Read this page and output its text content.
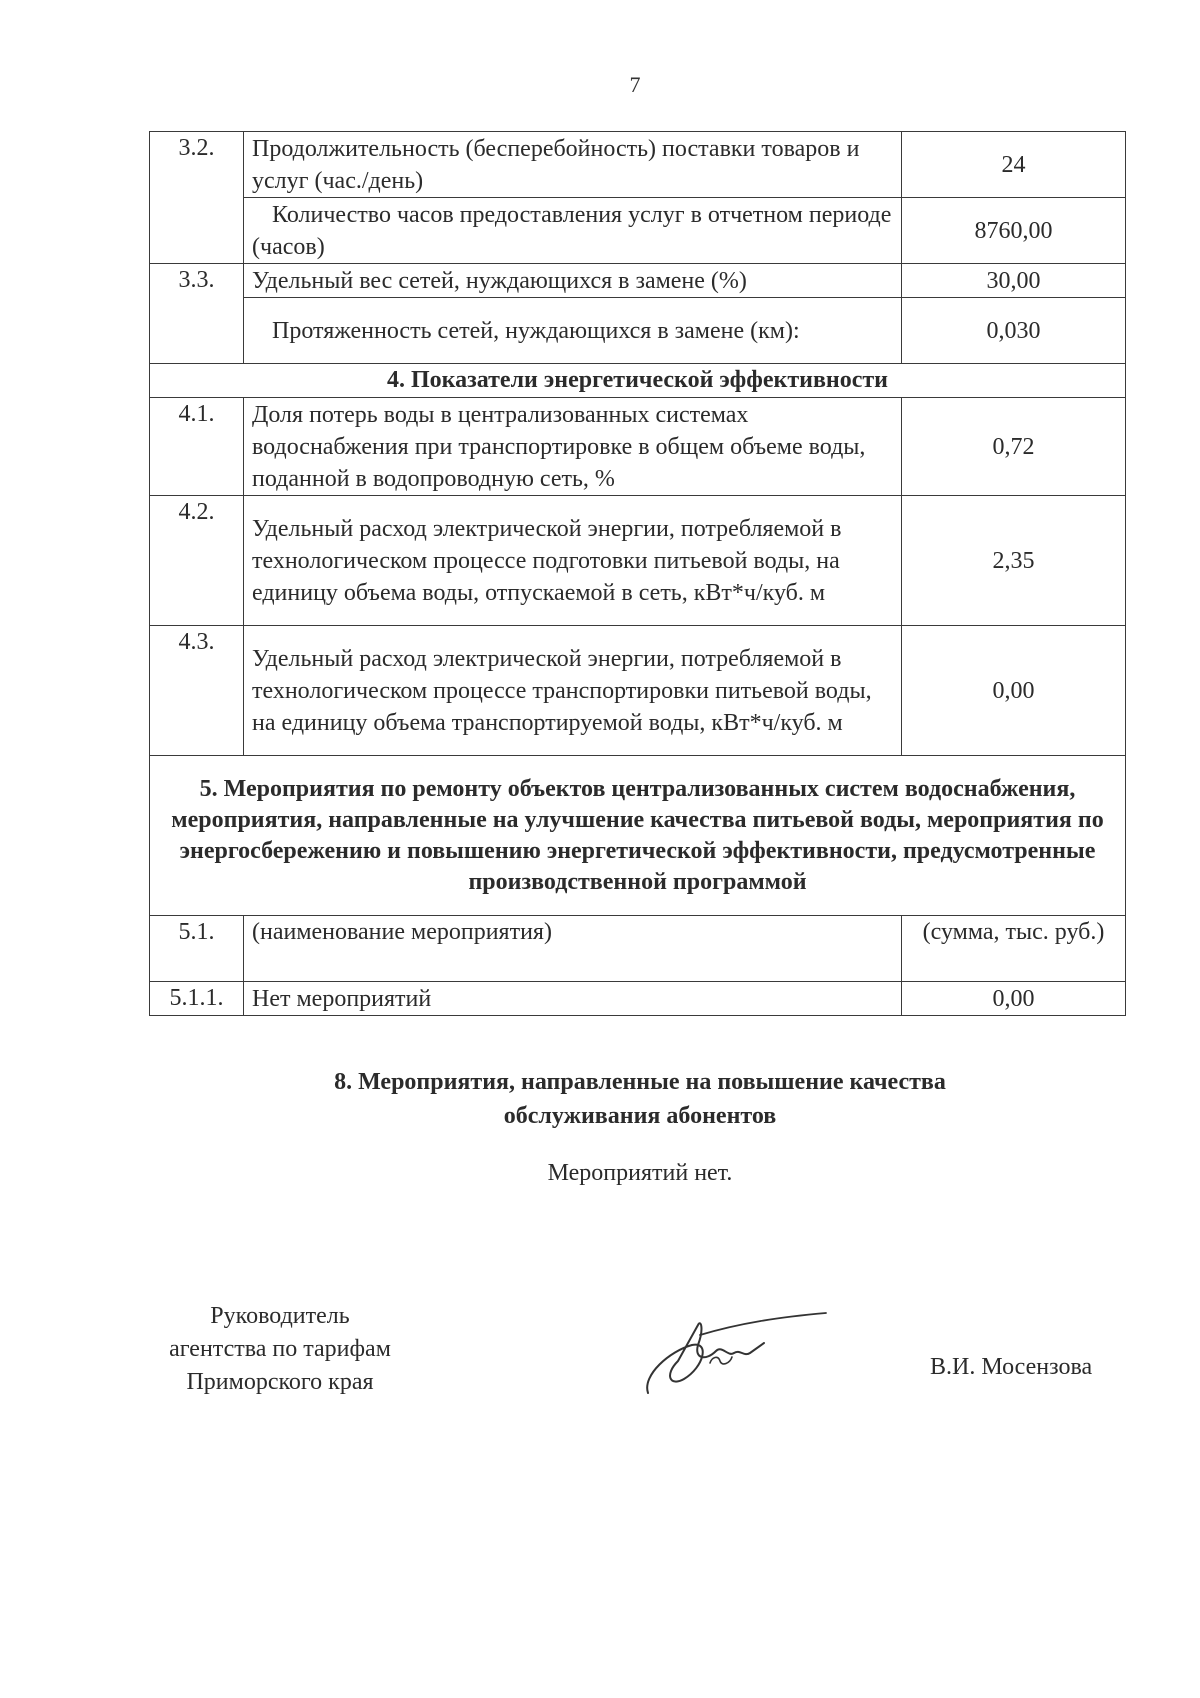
7
3.2.	Продолжительность (бесперебойность) поставки товаров и услуг (час./день)	24
	Количество часов предоставления услуг в отчетном периоде (часов)	8760,00
3.3.	Удельный вес сетей, нуждающихся в замене (%)	30,00
	Протяженность сетей, нуждающихся в замене (км):	0,030
4. Показатели энергетической эффективности		
4.1.	Доля потерь воды в централизованных системах водоснабжения при транспортировке в общем объеме воды, поданной в водопроводную сеть, %	0,72
4.2.	Удельный расход электрической энергии, потребляемой в технологическом процессе подготовки питьевой воды, на единицу объема воды, отпускаемой в сеть, кВт*ч/куб. м	2,35
4.3.	Удельный расход электрической энергии, потребляемой в технологическом процессе транспортировки питьевой воды, на единицу объема транспортируемой воды, кВт*ч/куб. м	0,00
5. Мероприятия по ремонту объектов централизованных систем водоснабжения, мероприятия, направленные на улучшение качества питьевой воды, мероприятия по энергосбережению и повышению энергетической эффективности, предусмотренные производственной программой		
5.1.	(наименование мероприятия)	(сумма, тыс. руб.)
5.1.1.	Нет мероприятий	0,00
8. Мероприятия, направленные на повышение качества
обслуживания абонентов
Мероприятий нет.
Руководитель
агентства по тарифам
Приморского края
В.И. Мосензова
